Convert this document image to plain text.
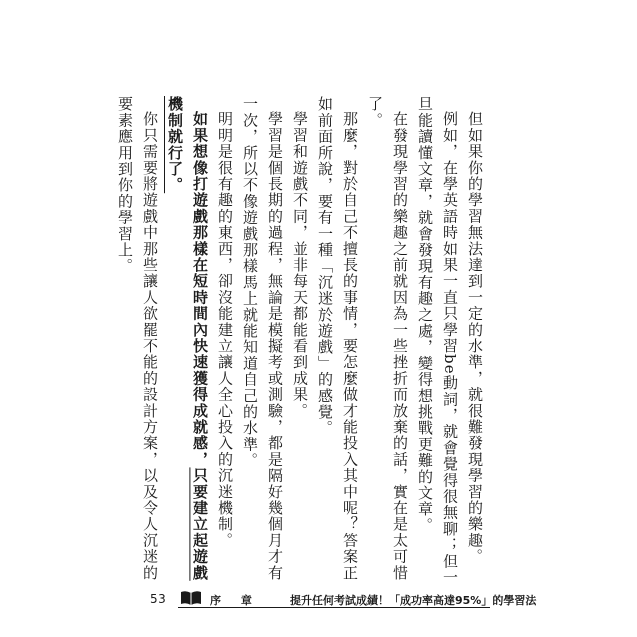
但如果你的學習無法達到一定的水準，就很難發現學習的樂趣。

例如，在學英語時如果一直只學習be動詞，就會覺得很無聊；但一旦能讀懂文章，就會發現有趣之處，變得想挑戰更難的文章。

在發現學習的樂趣之前就因為一些挫折而放棄的話，實在是太可惜了。

那麼，對於自己不擅長的事情，要怎麼做才能投入其中呢？答案正如前面所說，要有一種「沉迷於遊戲」的感覺。

學習和遊戲不同，並非每天都能看到成果。

學習是個長期的過程，無論是模擬考或測驗，都是隔好幾個月才有一次，所以不像遊戲那樣馬上就能知道自己的水準。

明明是很有趣的東西，卻沒能建立讓人全心投入的沉迷機制。

如果想像打遊戲那樣在短時間內快速獲得成就感，只要建立起遊戲機制就行了。

你只需要將遊戲中那些讓人欲罷不能的設計方案，以及令人沉迷的要素應用到你的學習上。

53	序 章	提升任何考試成績！「成功率高達95%」的學習法
